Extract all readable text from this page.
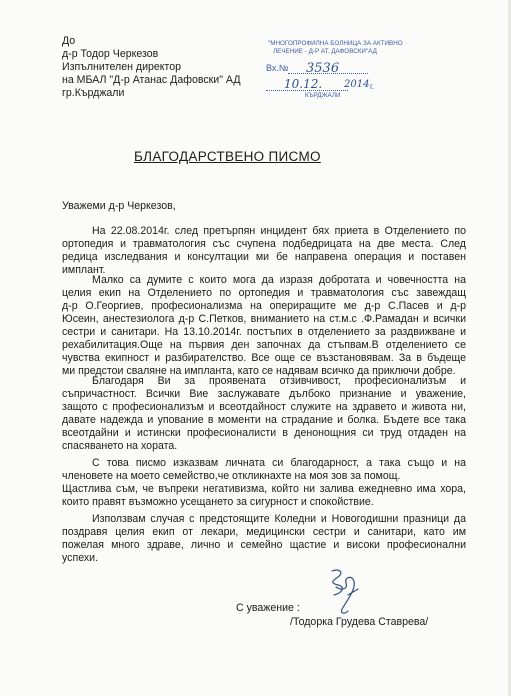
До
д-р Тодор Черкезов
Изпълнителен директор
на МБАЛ "Д-р Атанас Дафовски" АД
гр.Кърджали
"МНОГОПРОФИЛНА БОЛНИЦА ЗА АКТИВНО
ЛЕЧЕНИЕ - Д-Р АТ. ДАФОВСКИ"АД
Вх.№ 3536
10.12. 2014 г.
КЪРДЖАЛИ
БЛАГОДАРСТВЕНО ПИСМО
Уважеми д-р Черкезов,
На 22.08.2014г. след претърпян инцидент бях приета в Отделението по
ортопедия и травматология със счупена подбедрицата на две места. След
редица изследвания и консултации ми бе направена операция и поставен
имплант.
Малко са думите с които мога да изразя добротата и човечността на
целия екип на Отделението по ортопедия и травматология със завеждащ
д-р О.Георгиев, професионализма на опериращите ме д-р С.Пасев и д-р
Юсеин, анестезиолога д-р С.Петков, вниманието на ст.м.с .Ф.Рамадан и всички
сестри и санитари. На 13.10.2014г. постъпих в отделението за раздвижване и
рехабилитация.Още на първия ден започнах да стъпвам.В отделението се
чувства екипност и разбирателство. Все още се възстановявам. За в бъдеще
ми предстои сваляне на импланта, като се надявам всичко да приключи добре.
Благодаря Ви за проявената отзивчивост, професионализъм и
съпричастност. Всички Вие заслужавате дълбоко признание и уважение,
защото с професионализъм и всеотдайност служите на здравето и живота ни,
давате надежда и упование в моменти на страдание и болка. Бъдете все така
всеотдайни и истински професионалисти в денонощния си труд отдаден на
спасяването на хората.
С това писмо изказвам личната си благодарност, а така също и на
членовете на моето семейство,че откликнахте на моя зов за помощ.
Щастлива съм, че въпреки негативизма, който ни залива ежедневно има хора,
които правят възможно усещането за сигурност и спокойствие.
Използвам случая с предстоящите Коледни и Новогодишни празници да
поздравя целия екип от лекари, медицински сестри и санитари, като им
пожелая много здраве, лично и семейно щастие и високи професионални
успехи.
С уважение :
/Тодорка Грудева Ставрева/
